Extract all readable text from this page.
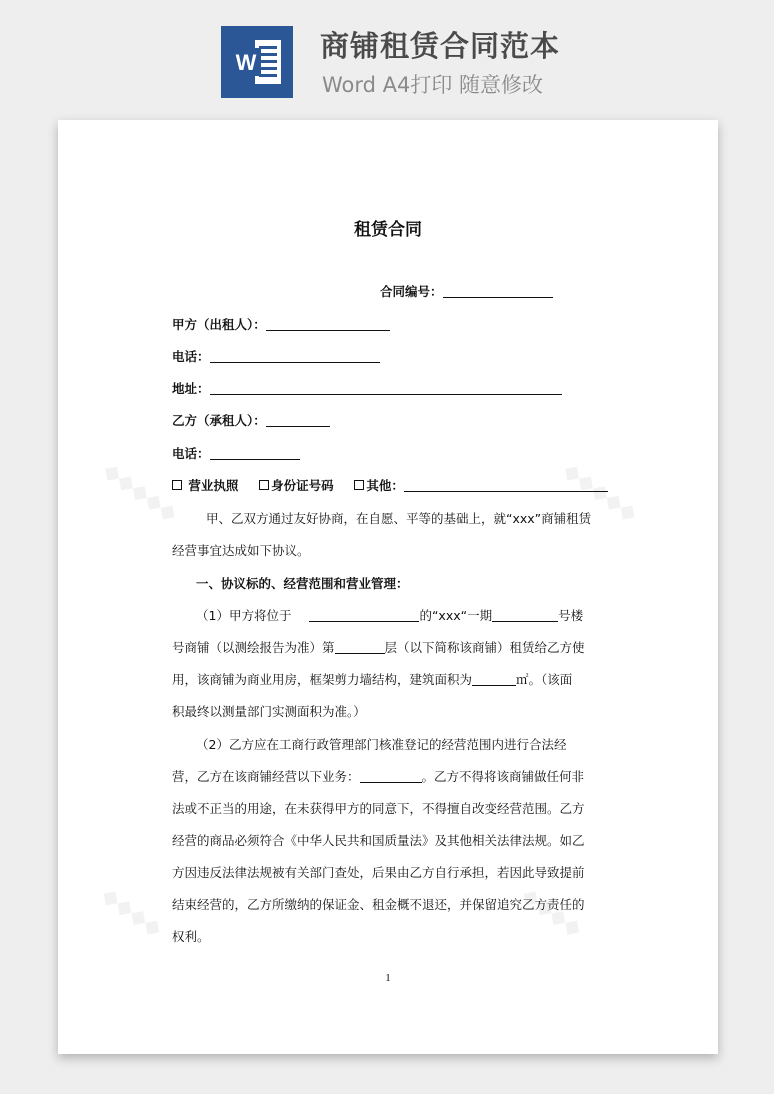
W 商铺租赁合同范本
Word A4打印 随意修改
◆◆◆◆◆	◆◆◆◆◆
◆◆◆◆	◆◆◆◆
租赁合同
合同编号：
甲方（出租人）：
电话：
地址：
乙方（承租人）：
电话：
营业执照	身份证号码	其他：
甲、乙双方通过友好协商，在自愿、平等的基础上，就“xxx”商铺租赁
经营事宜达成如下协议。
一、协议标的、经营范围和营业管理：
（1）甲方将位于	的“xxx“一期	号楼
号商铺（以测绘报告为准）第	层（以下简称该商铺）租赁给乙方使
用，该商铺为商业用房，框架剪力墙结构，建筑面积为	㎡。（该面
积最终以测量部门实测面积为准。）
（2）乙方应在工商行政管理部门核准登记的经营范围内进行合法经
营，乙方在该商铺经营以下业务：	。乙方不得将该商铺做任何非
法或不正当的用途，在未获得甲方的同意下，不得擅自改变经营范围。乙方
经营的商品必须符合《中华人民共和国质量法》及其他相关法律法规。如乙
方因违反法律法规被有关部门查处，后果由乙方自行承担，若因此导致提前
结束经营的，乙方所缴纳的保证金、租金概不退还，并保留追究乙方责任的
权利。
1
